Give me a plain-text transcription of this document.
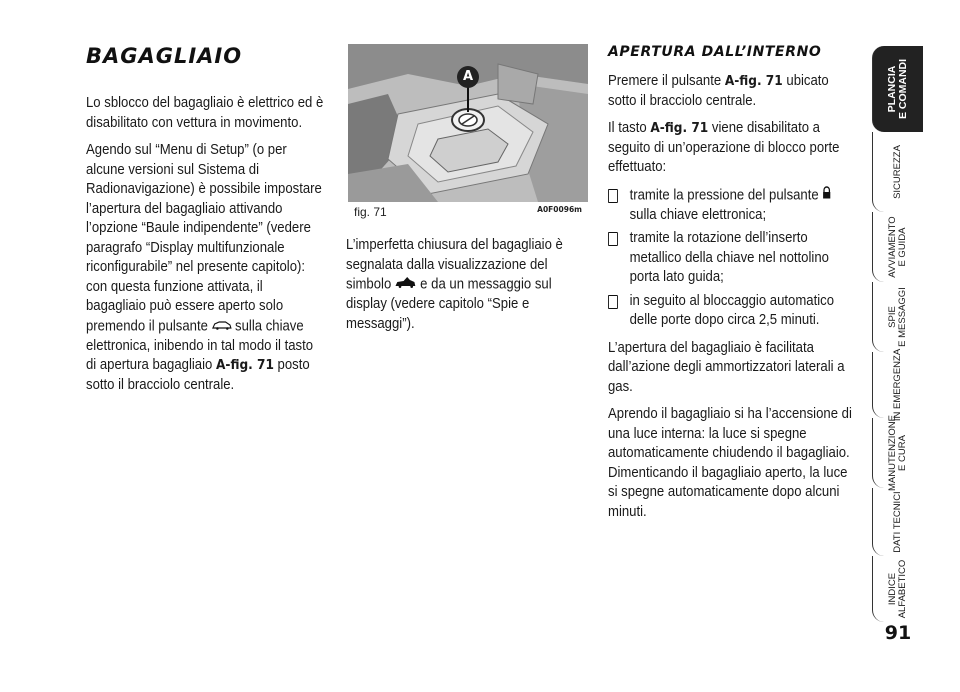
BAGAGLIAIO

Lo sblocco del bagagliaio è elettrico ed è disabilitato con vettura in movimento.

Agendo sul “Menu di Setup” (o per alcune versioni sul Sistema di Radionavigazione) è possibile impostare l’apertura del bagagliaio attivando l’opzione “Baule indipendente” (vedere paragrafo “Display multifunzionale riconfigurabile” nel presente capitolo): con questa funzione attivata, il bagagliaio può essere aperto solo premendo il pulsante sulla chiave elettronica, inibendo in tal modo il tasto di apertura bagagliaio A-fig. 71 posto sotto il bracciolo centrale.

A
fig. 71	A0F0096m

L’imperfetta chiusura del bagagliaio è segnalata dalla visualizzazione del simbolo e da un messaggio sul display (vedere capitolo “Spie e messaggi”).

APERTURA DALL’INTERNO

Premere il pulsante A-fig. 71 ubicato sotto il bracciolo centrale.

Il tasto A-fig. 71 viene disabilitato a seguito di un’operazione di blocco porte effettuato:

tramite la pressione del pulsante  sulla chiave elettronica;
tramite la rotazione dell’inserto metallico della chiave nel nottolino porta lato guida;
in seguito al bloccaggio automatico delle porte dopo circa 2,5 minuti.

L’apertura del bagagliaio è facilitata dall’azione degli ammortizzatori laterali a gas.

Aprendo il bagagliaio si ha l’accensione di una luce interna: la luce si spegne automaticamente chiudendo il bagagliaio. Dimenticando il bagagliaio aperto, la luce si spegne automaticamente dopo alcuni minuti.

PLANCIA
E COMANDI
SICUREZZA
AVVIAMENTO
E GUIDA
SPIE
E MESSAGGI
IN EMERGENZA
MANUTENZIONE
E CURA
DATI TECNICI
INDICE
ALFABETICO
91
